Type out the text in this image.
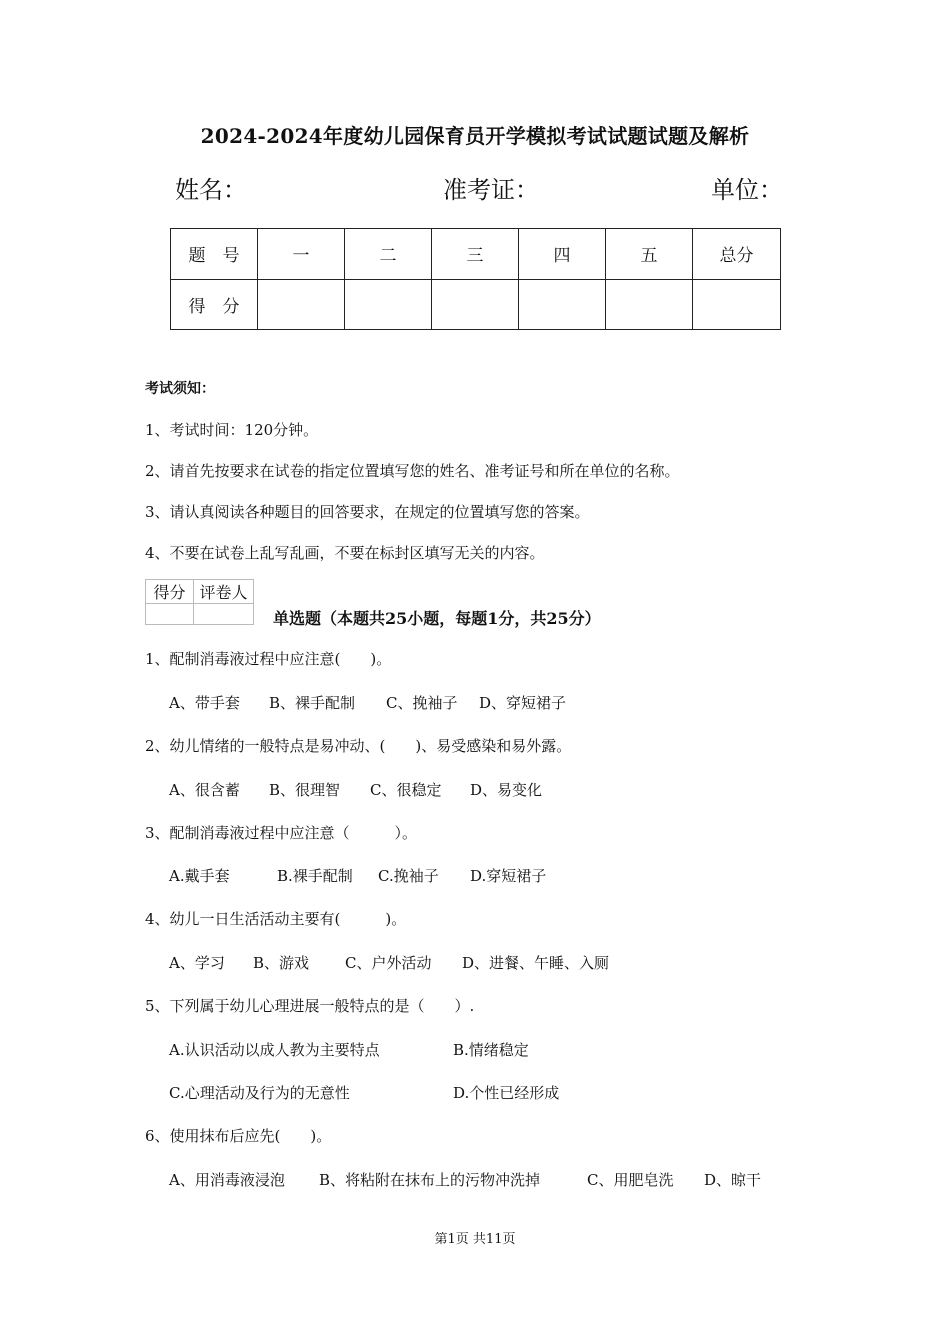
2024-2024年度幼儿园保育员开学模拟考试试题试题及解析
姓名：	准考证：	单位：
题　号	一	二	三	四	五	总分
得　分						
考试须知：
1、考试时间：120分钟。
2、请首先按要求在试卷的指定位置填写您的姓名、准考证号和所在单位的名称。
3、请认真阅读各种题目的回答要求，在规定的位置填写您的答案。
4、不要在试卷上乱写乱画，不要在标封区填写无关的内容。
得分	评卷人

单选题（本题共25小题，每题1分，共25分）
1、配制消毒液过程中应注意(　　)。
A、带手套 B、裸手配制 C、挽袖子 D、穿短裙子
2、幼儿情绪的一般特点是易冲动、(　　)、易受感染和易外露。
A、很含蓄 B、很理智 C、很稳定 D、易变化
3、配制消毒液过程中应注意（　　　）。
A.戴手套	B.裸手配制 C.挽袖子 D.穿短裙子
4、幼儿一日生活活动主要有(　　　)。
A、学习 B、游戏 C、户外活动 D、进餐、午睡、入厕
5、下列属于幼儿心理进展一般特点的是（　　）.
A.认识活动以成人教为主要特点	B.情绪稳定
C.心理活动及行为的无意性	D.个性已经形成
6、使用抹布后应先(　　)。
A、用消毒液浸泡 B、将粘附在抹布上的污物冲洗掉	C、用肥皂洗 D、晾干
第1页 共11页
